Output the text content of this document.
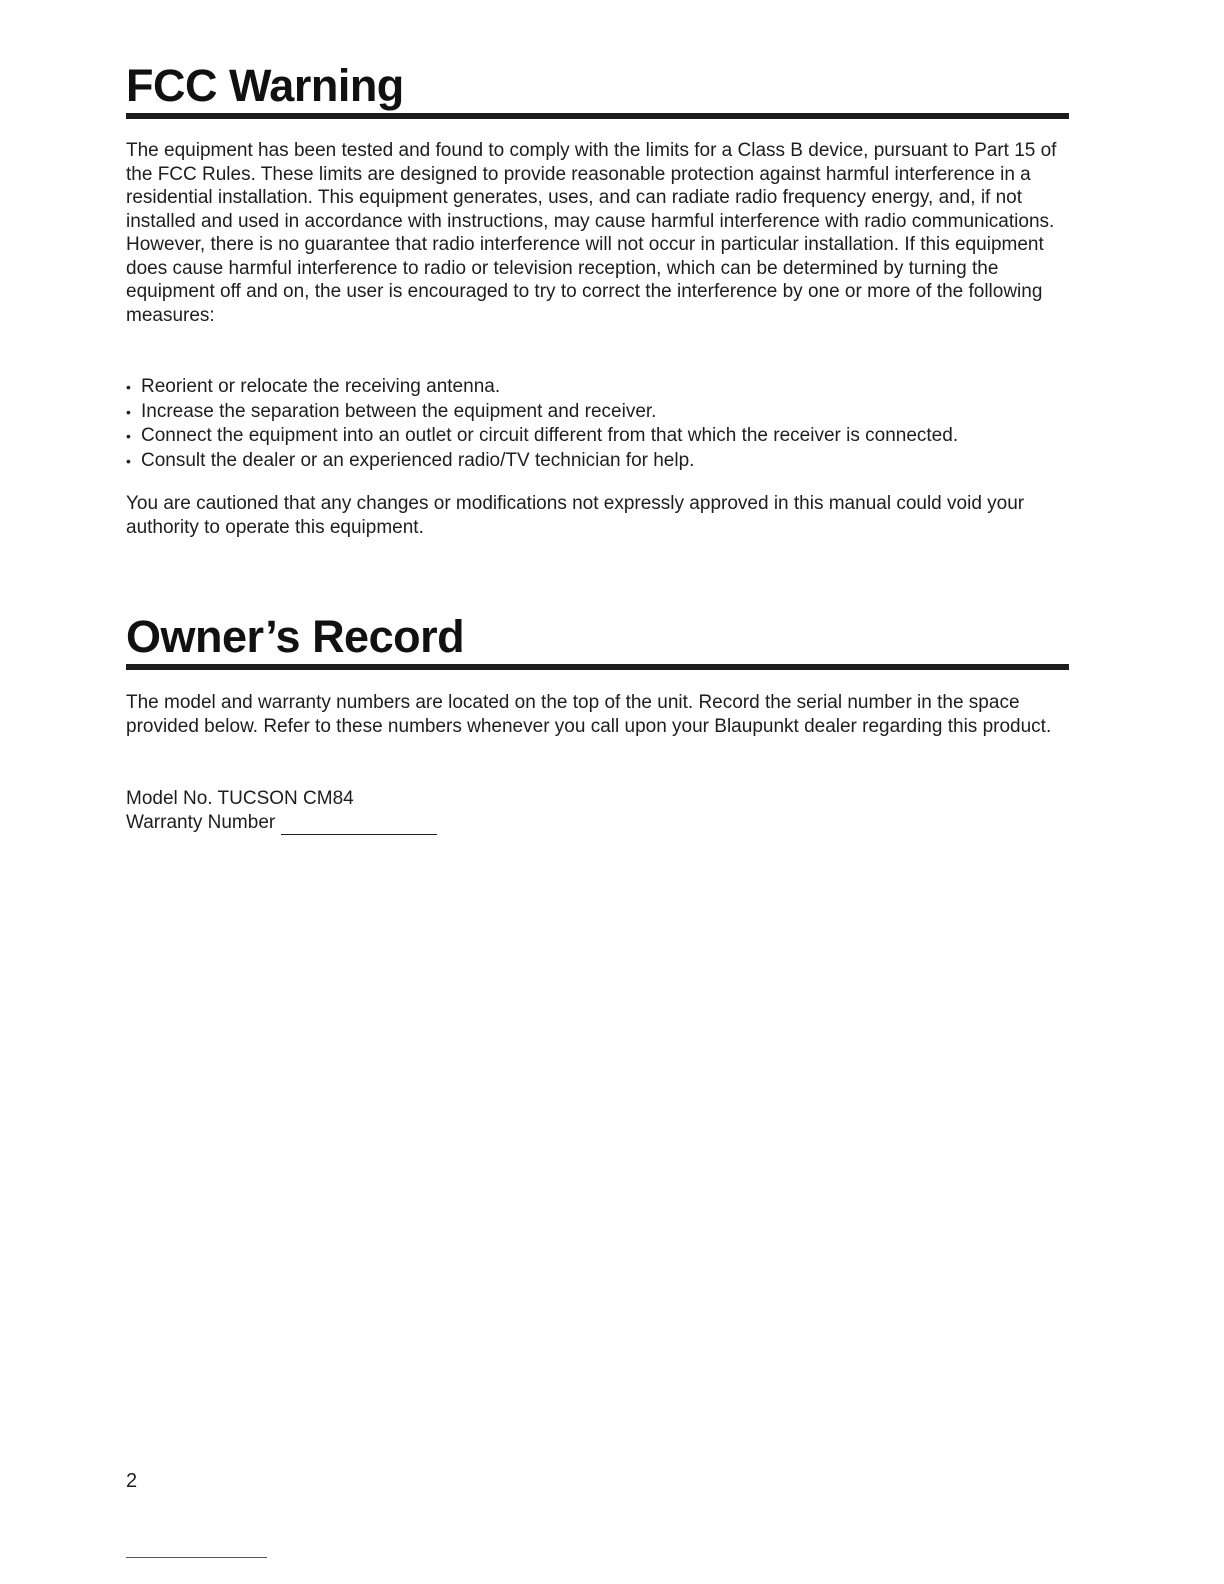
FCC Warning

The equipment has been tested and found to comply with the limits for a Class B device, pursuant to Part 15 of the FCC Rules. These limits are designed to provide reasonable protection against harmful interference in a residential installation. This equipment generates, uses, and can radiate radio frequency energy, and, if not installed and used in accordance with instructions, may cause harmful interference with radio communications. However, there is no guarantee that radio interference will not occur in particular installation. If this equipment does cause harmful interference to radio or television reception, which can be determined by turning the equipment off and on, the user is encouraged to try to correct the interference by one or more of the following measures:

• Reorient or relocate the receiving antenna.
• Increase the separation between the equipment and receiver.
• Connect the equipment into an outlet or circuit different from that which the receiver is connected.
• Consult the dealer or an experienced radio/TV technician for help.

You are cautioned that any changes or modifications not expressly approved in this manual could void your authority to operate this equipment.

Owner’s Record

The model and warranty numbers are located on the top of the unit. Record the serial number in the space provided below. Refer to these numbers whenever you call upon your Blaupunkt dealer regarding this product.

Model No. TUCSON CM84

Warranty Number

2
